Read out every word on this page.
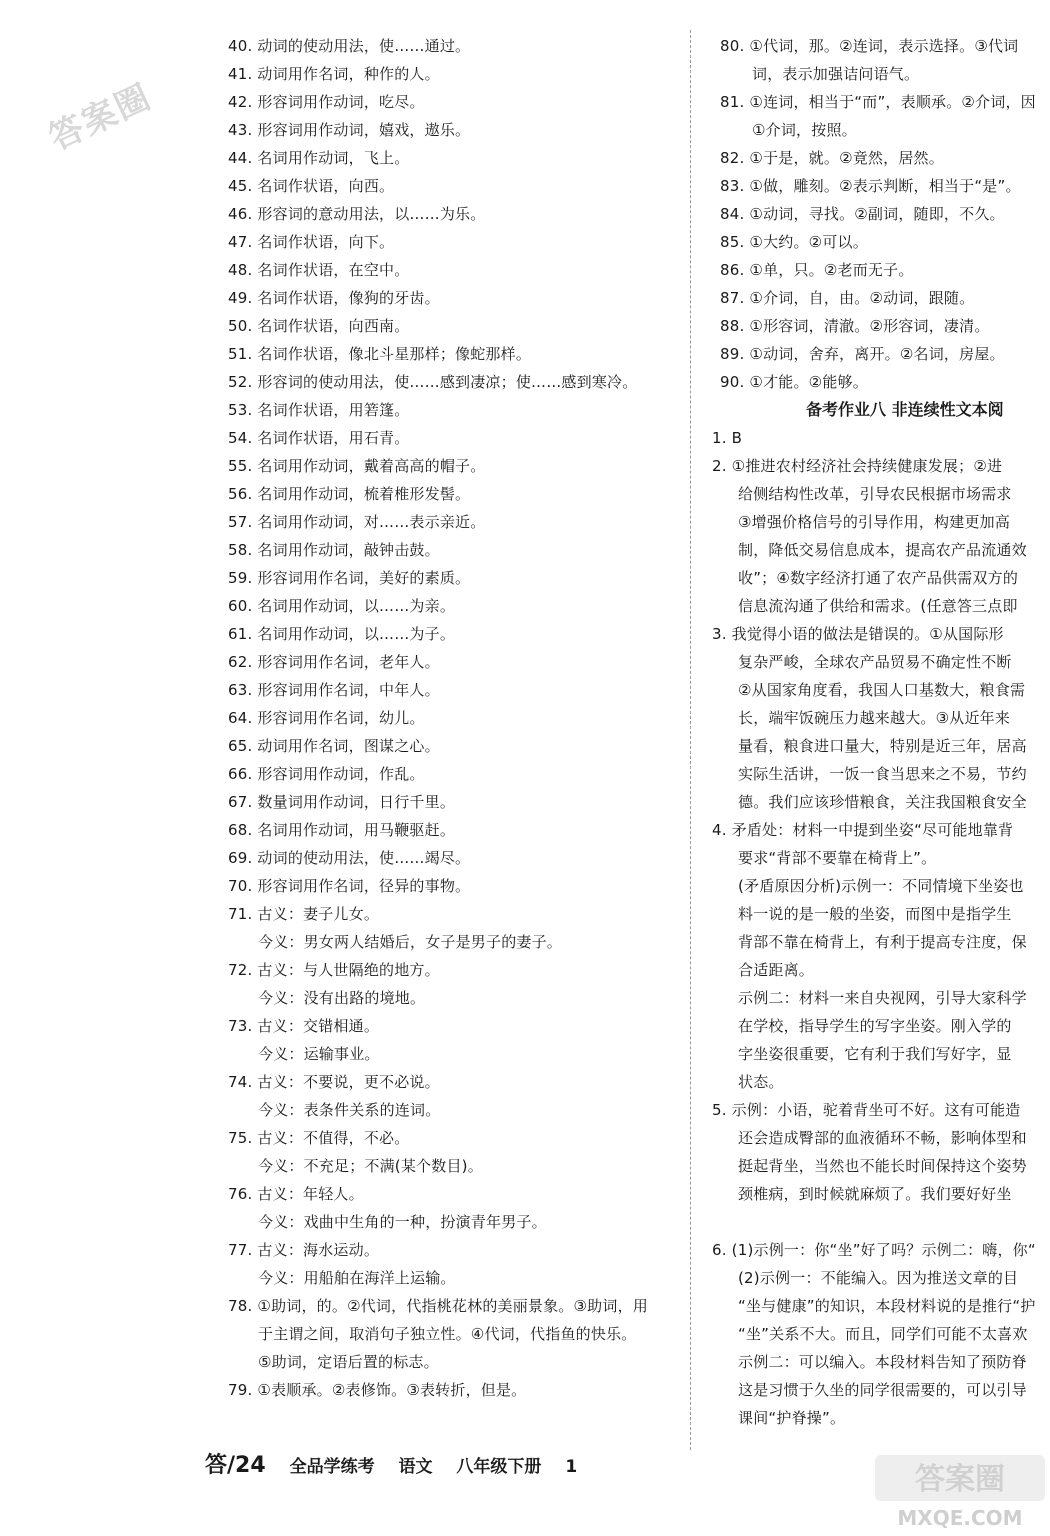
答案圈
40. 动词的使动用法，使……通过。
41. 动词用作名词，种作的人。
42. 形容词用作动词，吃尽。
43. 形容词用作动词，嬉戏，遨乐。
44. 名词用作动词，飞上。
45. 名词作状语，向西。
46. 形容词的意动用法，以……为乐。
47. 名词作状语，向下。
48. 名词作状语，在空中。
49. 名词作状语，像狗的牙齿。
50. 名词作状语，向西南。
51. 名词作状语，像北斗星那样；像蛇那样。
52. 形容词的使动用法，使……感到凄凉；使……感到寒冷。
53. 名词作状语，用箬篷。
54. 名词作状语，用石青。
55. 名词用作动词，戴着高高的帽子。
56. 名词用作动词，梳着椎形发髻。
57. 名词用作动词，对……表示亲近。
58. 名词用作动词，敲钟击鼓。
59. 形容词用作名词，美好的素质。
60. 名词用作动词，以……为亲。
61. 名词用作动词，以……为子。
62. 形容词用作名词，老年人。
63. 形容词用作名词，中年人。
64. 形容词用作名词，幼儿。
65. 动词用作名词，图谋之心。
66. 形容词用作动词，作乱。
67. 数量词用作动词，日行千里。
68. 名词用作动词，用马鞭驱赶。
69. 动词的使动用法，使……竭尽。
70. 形容词用作名词，径异的事物。
71. 古义：妻子儿女。
今义：男女两人结婚后，女子是男子的妻子。
72. 古义：与人世隔绝的地方。
今义：没有出路的境地。
73. 古义：交错相通。
今义：运输事业。
74. 古义：不要说，更不必说。
今义：表条件关系的连词。
75. 古义：不值得，不必。
今义：不充足；不满(某个数目)。
76. 古义：年轻人。
今义：戏曲中生角的一种，扮演青年男子。
77. 古义：海水运动。
今义：用船舶在海洋上运输。
78. ①助词，的。②代词，代指桃花林的美丽景象。③助词，用
于主谓之间，取消句子独立性。④代词，代指鱼的快乐。
⑤助词，定语后置的标志。
79. ①表顺承。②表修饰。③表转折，但是。
80. ①代词，那。②连词，表示选择。③代词
词，表示加强诘问语气。
81. ①连词，相当于“而”，表顺承。②介词，因
①介词，按照。
82. ①于是，就。②竟然，居然。
83. ①做，雕刻。②表示判断，相当于“是”。
84. ①动词，寻找。②副词，随即，不久。
85. ①大约。②可以。
86. ①单，只。②老而无子。
87. ①介词，自，由。②动词，跟随。
88. ①形容词，清澈。②形容词，凄清。
89. ①动词，舍弃，离开。②名词，房屋。
90. ①才能。②能够。
1. B
2. ①推进农村经济社会持续健康发展；②进
给侧结构性改革，引导农民根据市场需求
③增强价格信号的引导作用，构建更加高
制，降低交易信息成本，提高农产品流通效
收”；④数字经济打通了农产品供需双方的
信息流沟通了供给和需求。(任意答三点即
3. 我觉得小语的做法是错误的。①从国际形
复杂严峻，全球农产品贸易不确定性不断
②从国家角度看，我国人口基数大，粮食需
长，端牢饭碗压力越来越大。③从近年来
量看，粮食进口量大，特别是近三年，居高
实际生活讲，一饭一食当思来之不易，节约
德。我们应该珍惜粮食，关注我国粮食安全
4. 矛盾处：材料一中提到坐姿“尽可能地靠背
要求“背部不要靠在椅背上”。
(矛盾原因分析)示例一：不同情境下坐姿也
料一说的是一般的坐姿，而图中是指学生
背部不靠在椅背上，有利于提高专注度，保
合适距离。
示例二：材料一来自央视网，引导大家科学
在学校，指导学生的写字坐姿。刚入学的
字坐姿很重要，它有利于我们写好字，显
状态。
5. 示例：小语，驼着背坐可不好。这有可能造
还会造成臀部的血液循环不畅，影响体型和
挺起背坐，当然也不能长时间保持这个姿势
颈椎病，到时候就麻烦了。我们要好好坐
6. (1)示例一：你“坐”好了吗？示例二：嗨，你“
(2)示例一：不能编入。因为推送文章的目
“坐与健康”的知识，本段材料说的是推行“护
“坐”关系不大。而且，同学们可能不太喜欢
示例二：可以编入。本段材料告知了预防脊
这是习惯于久坐的同学很需要的，可以引导
课间“护脊操”。
备考作业八 非连续性文本阅
答/24 全品学练考 语文 八年级下册 1	答案圈
MXQE.COM
